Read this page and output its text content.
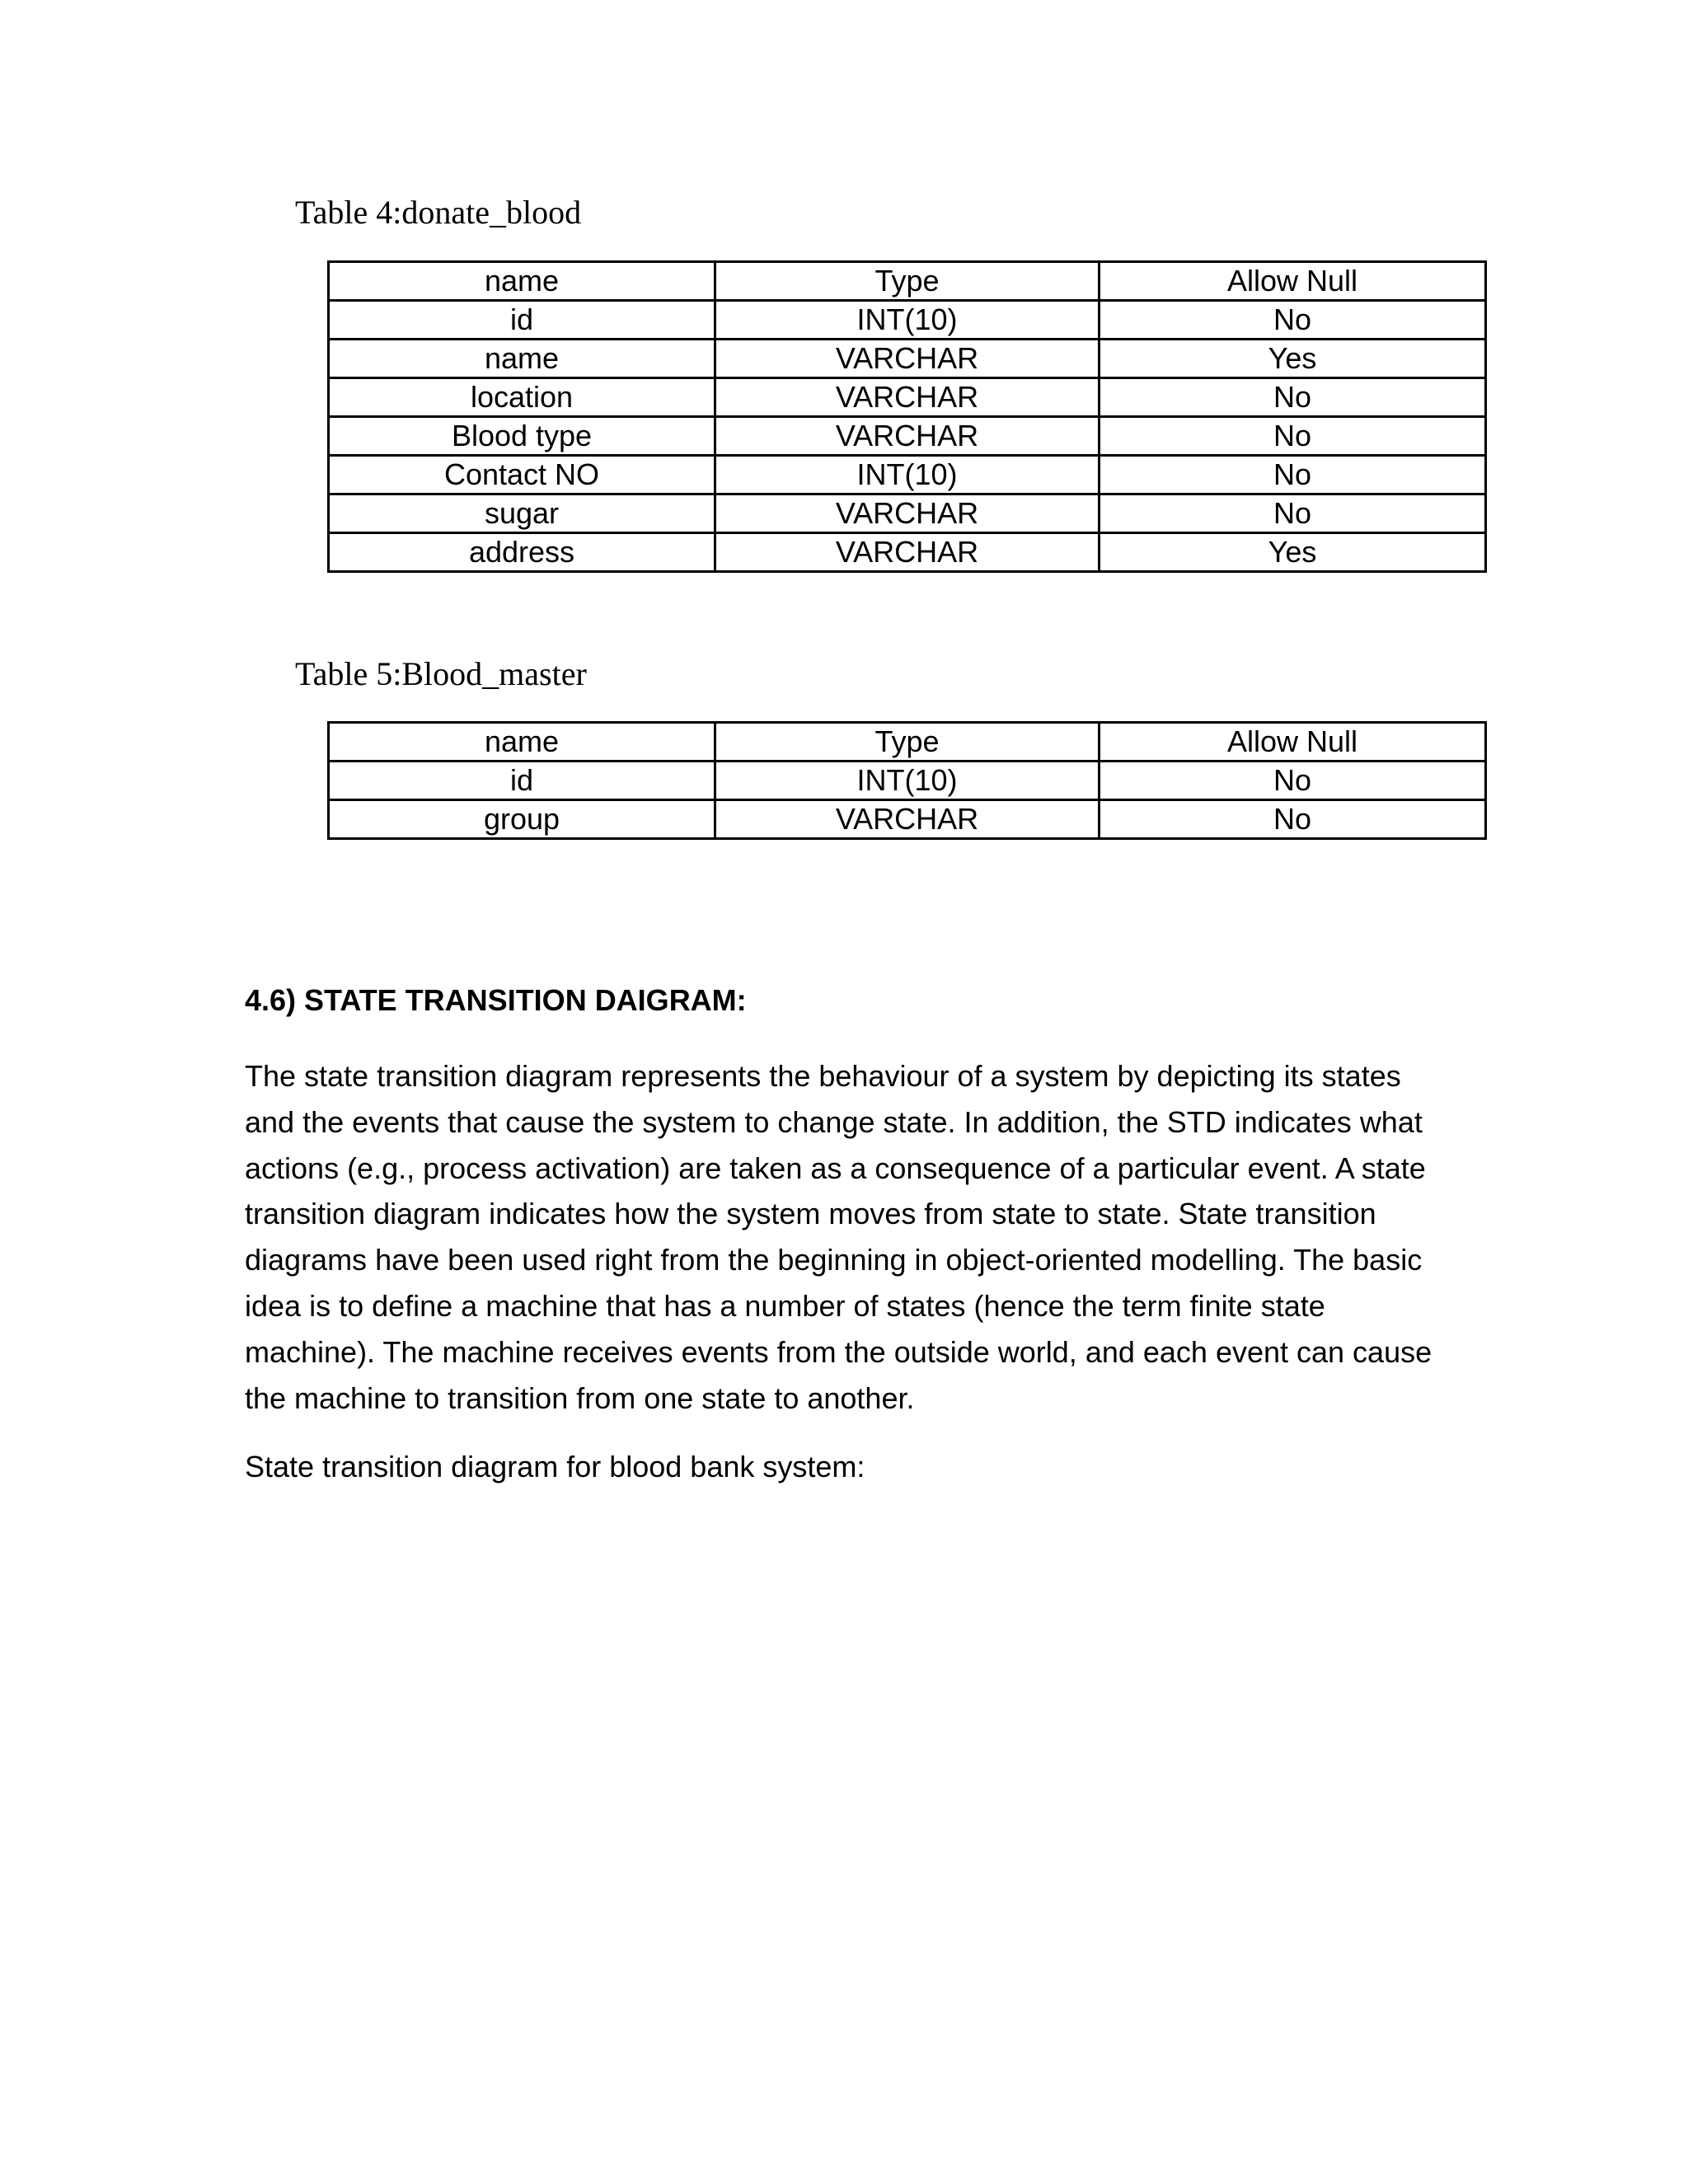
Table 4:donate_blood
name	Type	Allow Null
id	INT(10)	No
name	VARCHAR	Yes
location	VARCHAR	No
Blood type	VARCHAR	No
Contact NO	INT(10)	No
sugar	VARCHAR	No
address	VARCHAR	Yes
Table 5:Blood_master
name	Type	Allow Null
id	INT(10)	No
group	VARCHAR	No
4.6) STATE TRANSITION DAIGRAM:

The state transition diagram represents the behaviour of a system by depicting its states and the events that cause the system to change state. In addition, the STD indicates what actions (e.g., process activation) are taken as a consequence of a particular event. A state transition diagram indicates how the system moves from state to state. State transition diagrams have been used right from the beginning in object-oriented modelling. The basic idea is to define a machine that has a number of states (hence the term finite state machine). The machine receives events from the outside world, and each event can cause the machine to transition from one state to another.

State transition diagram for blood bank system:
